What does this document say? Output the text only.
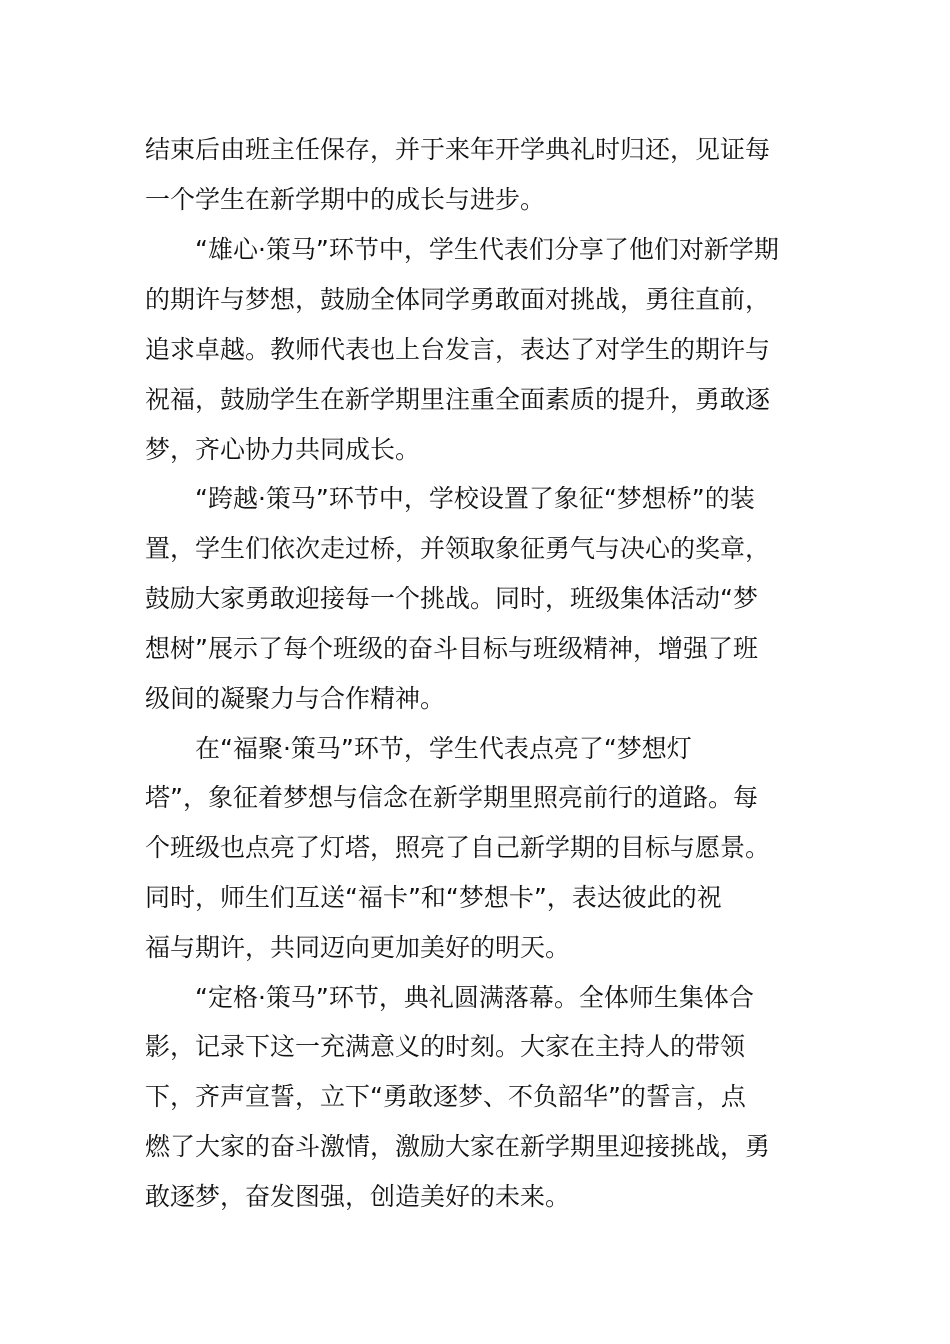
结束后由班主任保存，并于来年开学典礼时归还，见证每
一个学生在新学期中的成长与进步。
　　“雄心·策马”环节中，学生代表们分享了他们对新学期
的期许与梦想，鼓励全体同学勇敢面对挑战，勇往直前，
追求卓越。教师代表也上台发言，表达了对学生的期许与
祝福，鼓励学生在新学期里注重全面素质的提升，勇敢逐
梦，齐心协力共同成长。
　　“跨越·策马”环节中，学校设置了象征“梦想桥”的装
置，学生们依次走过桥，并领取象征勇气与决心的奖章，
鼓励大家勇敢迎接每一个挑战。同时，班级集体活动“梦
想树”展示了每个班级的奋斗目标与班级精神，增强了班
级间的凝聚力与合作精神。
　　在“福聚·策马”环节，学生代表点亮了“梦想灯
塔”，象征着梦想与信念在新学期里照亮前行的道路。每
个班级也点亮了灯塔，照亮了自己新学期的目标与愿景。
同时，师生们互送“福卡”和“梦想卡”，表达彼此的祝
福与期许，共同迈向更加美好的明天。
　　“定格·策马”环节，典礼圆满落幕。全体师生集体合
影，记录下这一充满意义的时刻。大家在主持人的带领
下，齐声宣誓，立下“勇敢逐梦、不负韶华”的誓言，点
燃了大家的奋斗激情，激励大家在新学期里迎接挑战，勇
敢逐梦，奋发图强，创造美好的未来。
